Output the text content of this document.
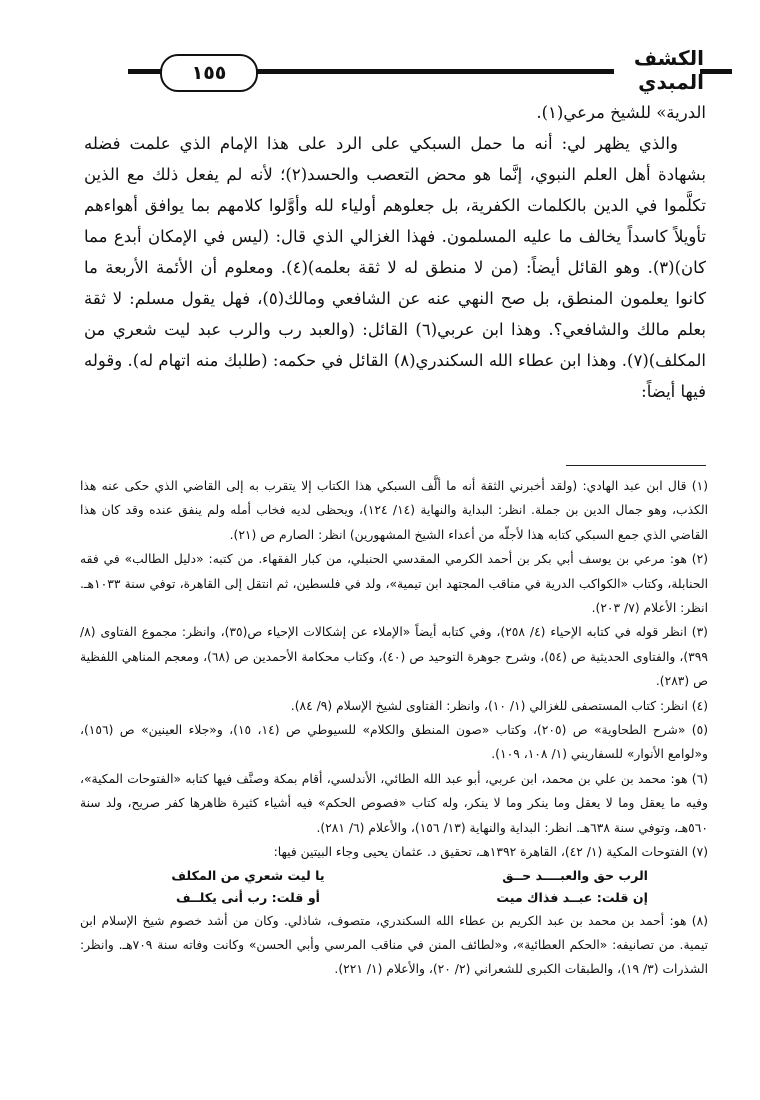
١٥٥
الكشف المبدي

الدرية» للشيخ مرعي(١).

والذي يظهر لي: أنه ما حمل السبكي على الرد على هذا الإمام الذي علمت فضله بشهادة أهل العلم النبوي، إنَّما هو محض التعصب والحسد(٢)؛ لأنه لم يفعل ذلك مع الذين تكلَّموا في الدين بالكلمات الكفرية، بل جعلوهم أولياء لله وأوَّلوا كلامهم بما يوافق أهواءهم تأويلاً كاسداً يخالف ما عليه المسلمون. فهذا الغزالي الذي قال: (ليس في الإمكان أبدع مما كان)(٣). وهو القائل أيضاً: (من لا منطق له لا ثقة بعلمه)(٤). ومعلوم أن الأئمة الأربعة ما كانوا يعلمون المنطق، بل صح النهي عنه عن الشافعي ومالك(٥)، فهل يقول مسلم: لا ثقة بعلم مالك والشافعي؟. وهذا ابن عربي(٦) القائل: (والعبد رب والرب عبد ليت شعري من المكلف)(٧). وهذا ابن عطاء الله السكندري(٨) القائل في حكمه: (طلبك منه اتهام له). وقوله فيها أيضاً:

(١) قال ابن عبد الهادي: (ولقد أخبرني الثقة أنه ما ألَّف السبكي هذا الكتاب إلا يتقرب به إلى القاضي الذي حكى عنه هذا الكذب، وهو جمال الدين بن جملة. انظر: البداية والنهاية (١٤/ ١٢٤)، ويحظى لديه فخاب أمله ولم ينفق عنده وقد كان هذا القاضي الذي جمع السبكي كتابه هذا لأجلّه من أعداء الشيخ المشهورين) انظر: الصارم ص (٢١).

(٢) هو: مرعي بن يوسف أبي بكر بن أحمد الكرمي المقدسي الحنبلي، من كبار الفقهاء. من كتبه: «دليل الطالب» في فقه الحنابلة، وكتاب «الكواكب الدرية في مناقب المجتهد ابن تيمية»، ولد في فلسطين، ثم انتقل إلى القاهرة، توفي سنة ١٠٣٣هـ. انظر: الأعلام (٧/ ٢٠٣).

(٣) انظر قوله في كتابه الإحياء (٤/ ٢٥٨)، وفي كتابه أيضاً «الإملاء عن إشكالات الإحياء ص(٣٥)، وانظر: مجموع الفتاوى (٨/ ٣٩٩)، والفتاوى الحديثية ص (٥٤)، وشرح جوهرة التوحيد ص (٤٠)، وكتاب محكامة الأحمدين ص (٦٨)، ومعجم المناهي اللفظية ص (٢٨٣).

(٤) انظر: كتاب المستصفى للغزالي (١/ ١٠)، وانظر: الفتاوى لشيخ الإسلام (٩/ ٨٤).

(٥) «شرح الطحاوية» ص (٢٠٥)، وكتاب «صون المنطق والكلام» للسيوطي ص (١٤، ١٥)، و«جلاء العينين» ص (١٥٦)، و«لوامع الأنوار» للسفاريني (١/ ١٠٨، ١٠٩).

(٦) هو: محمد بن علي بن محمد، ابن عربي، أبو عبد الله الطائي، الأندلسي، أقام بمكة وصنَّف فيها كتابه «الفتوحات المكية»، وفيه ما يعقل وما لا يعقل وما ينكر وما لا ينكر، وله كتاب «فصوص الحكم» فيه أشياء كثيرة ظاهرها كفر صريح، ولد سنة ٥٦٠هـ، وتوفي سنة ٦٣٨هـ. انظر: البداية والنهاية (١٣/ ١٥٦)، والأعلام (٦/ ٢٨١).

(٧) الفتوحات المكية (١/ ٤٢)، القاهرة ١٣٩٢هـ، تحقيق د. عثمان يحيى وجاء البيتين فيها:

الرب حق والعبــــد حــق
يا ليت شعري من المكلف
إن قلت: عبــد فذاك ميت
أو قلت: رب أنى يكلــف

(٨) هو: أحمد بن محمد بن عبد الكريم بن عطاء الله السكندري، متصوف، شاذلي. وكان من أشد خصوم شيخ الإسلام ابن تيمية. من تصانيفه: «الحكم العطائية»، و«لطائف المنن في مناقب المرسي وأبي الحسن» وكانت وفاته سنة ٧٠٩هـ. وانظر: الشذرات (٣/ ١٩)، والطبقات الكبرى للشعراني (٢/ ٢٠)، والأعلام (١/ ٢٢١).
